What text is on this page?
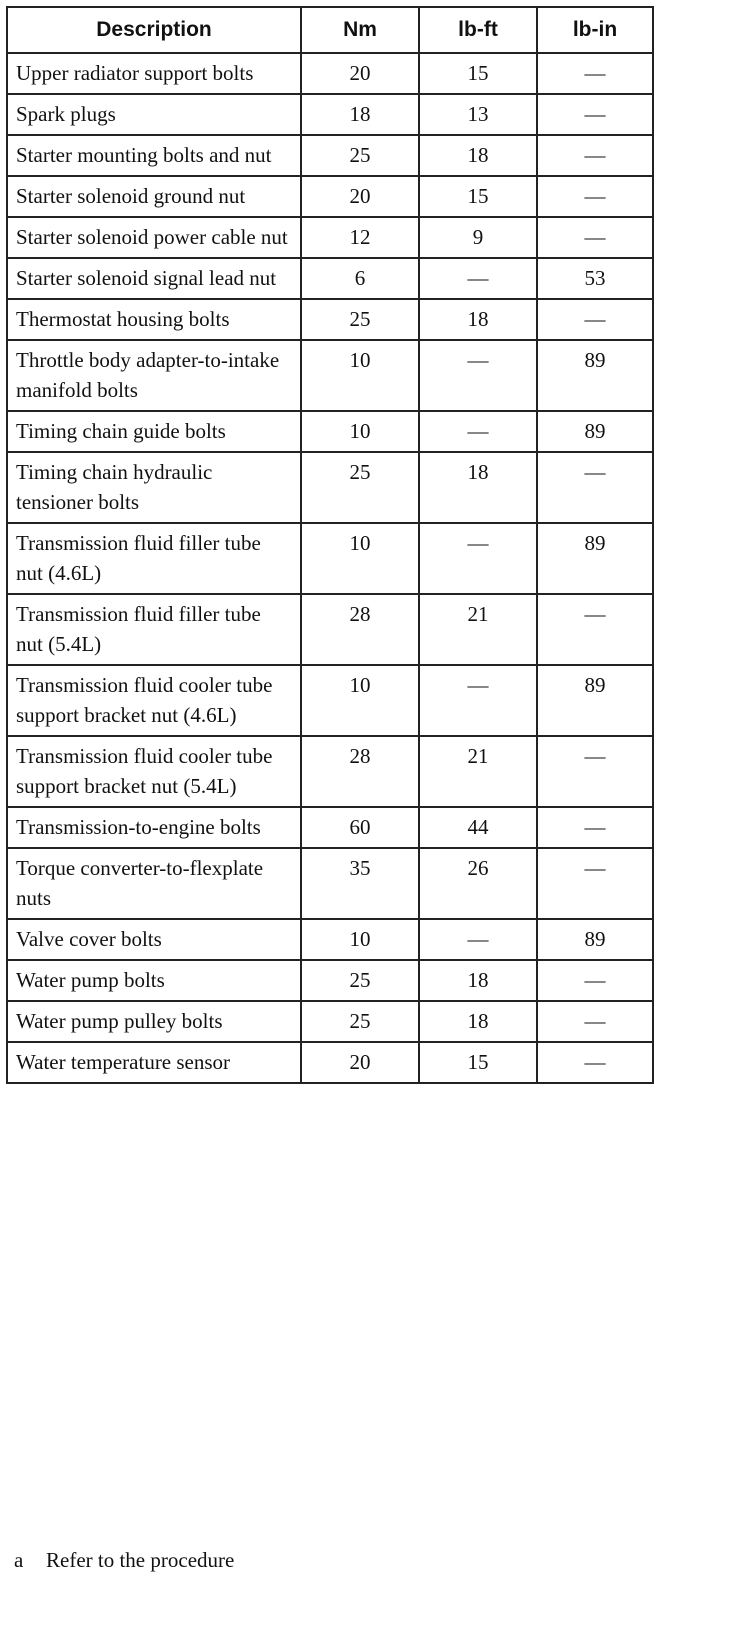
Description	Nm	lb-ft	lb-in
Upper radiator support bolts	20	15	—
Spark plugs	18	13	—
Starter mounting bolts and nut	25	18	—
Starter solenoid ground nut	20	15	—
Starter solenoid power cable nut	12	9	—
Starter solenoid signal lead nut	6	—	53
Thermostat housing bolts	25	18	—
Throttle body adapter-to-intake manifold bolts	10	—	89
Timing chain guide bolts	10	—	89
Timing chain hydraulic tensioner bolts	25	18	—
Transmission fluid filler tube nut (4.6L)	10	—	89
Transmission fluid filler tube nut (5.4L)	28	21	—
Transmission fluid cooler tube support bracket nut (4.6L)	10	—	89
Transmission fluid cooler tube support bracket nut (5.4L)	28	21	—
Transmission-to-engine bolts	60	44	—
Torque converter-to-flexplate nuts	35	26	—
Valve cover bolts	10	—	89
Water pump bolts	25	18	—
Water pump pulley bolts	25	18	—
Water temperature sensor	20	15	—
a Refer to the procedure
